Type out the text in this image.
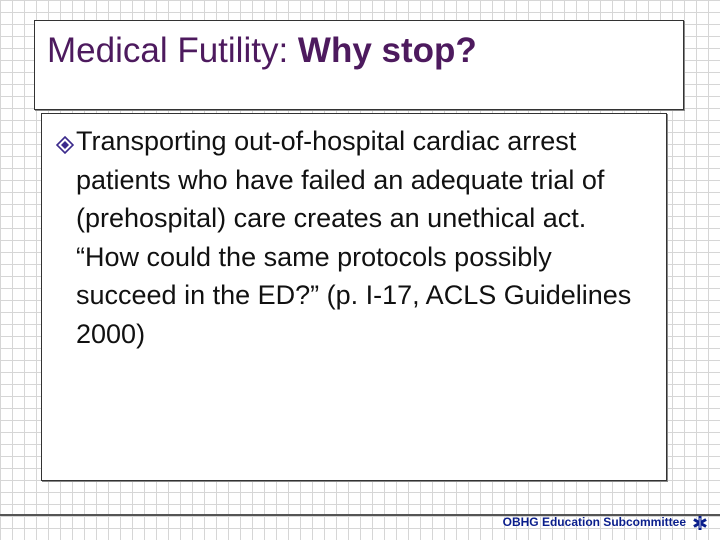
Medical Futility: Why stop?
Transporting out-of-hospital cardiac arrest patients who have failed an adequate trial of (prehospital) care creates an unethical act. “How could the same protocols possibly succeed in the ED?” (p. I-17, ACLS Guidelines 2000)
OBHG Education Subcommittee
